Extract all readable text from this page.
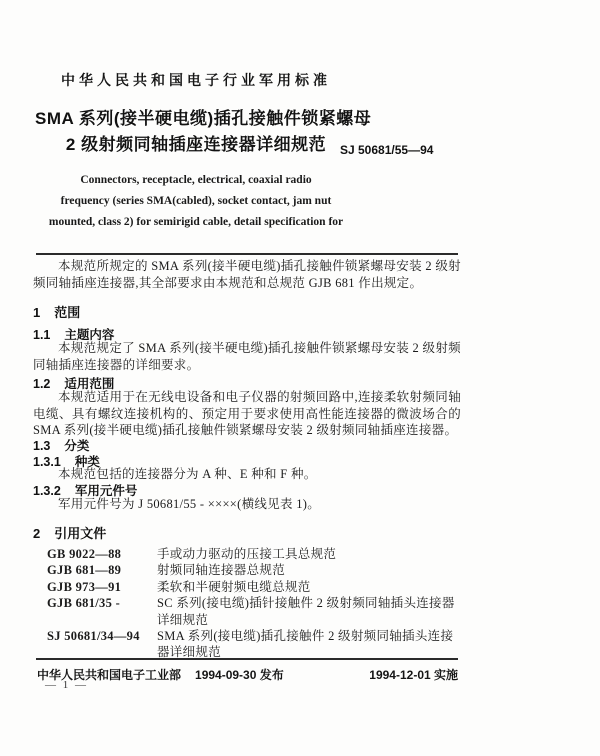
中华人民共和国电子行业军用标准
SMA 系列(接半硬电缆)插孔接触件锁紧螺母
2 级射频同轴插座连接器详细规范
Connectors, receptacle, electrical, coaxial radio
frequency (series SMA(cabled), socket contact, jam nut
mounted, class 2) for semirigid cable, detail specification for
SJ 50681/55—94
本规范所规定的 SMA 系列(接半硬电缆)插孔接触件锁紧螺母安装 2 级射频同轴插座连接器,其全部要求由本规范和总规范 GJB 681 作出规定。
1 范围
1.1 主题内容
本规范规定了 SMA 系列(接半硬电缆)插孔接触件锁紧螺母安装 2 级射频同轴插座连接器的详细要求。
1.2 适用范围
本规范适用于在无线电设备和电子仪器的射频回路中,连接柔软射频同轴电缆、具有螺纹连接机构的、预定用于要求使用高性能连接器的微波场合的 SMA 系列(接半硬电缆)插孔接触件锁紧螺母安装 2 级射频同轴插座连接器。
1.3 分类
1.3.1 种类
本规范包括的连接器分为 A 种、E 种和 F 种。
1.3.2 军用元件号
军用元件号为 J 50681/55 - ××××(横线见表 1)。
2 引用文件
GB 9022—88	手或动力驱动的压接工具总规范
GJB 681—89	射频同轴连接器总规范
GJB 973—91	柔软和半硬射频电缆总规范
GJB 681/35 -	SC 系列(接电缆)插针接触件 2 级射频同轴插头连接器详细规范
SJ 50681/34—94	SMA 系列(接电缆)插孔接触件 2 级射频同轴插头连接器详细规范
中华人民共和国电子工业部 1994-09-30 发布	1994-12-01 实施
— 1 —
